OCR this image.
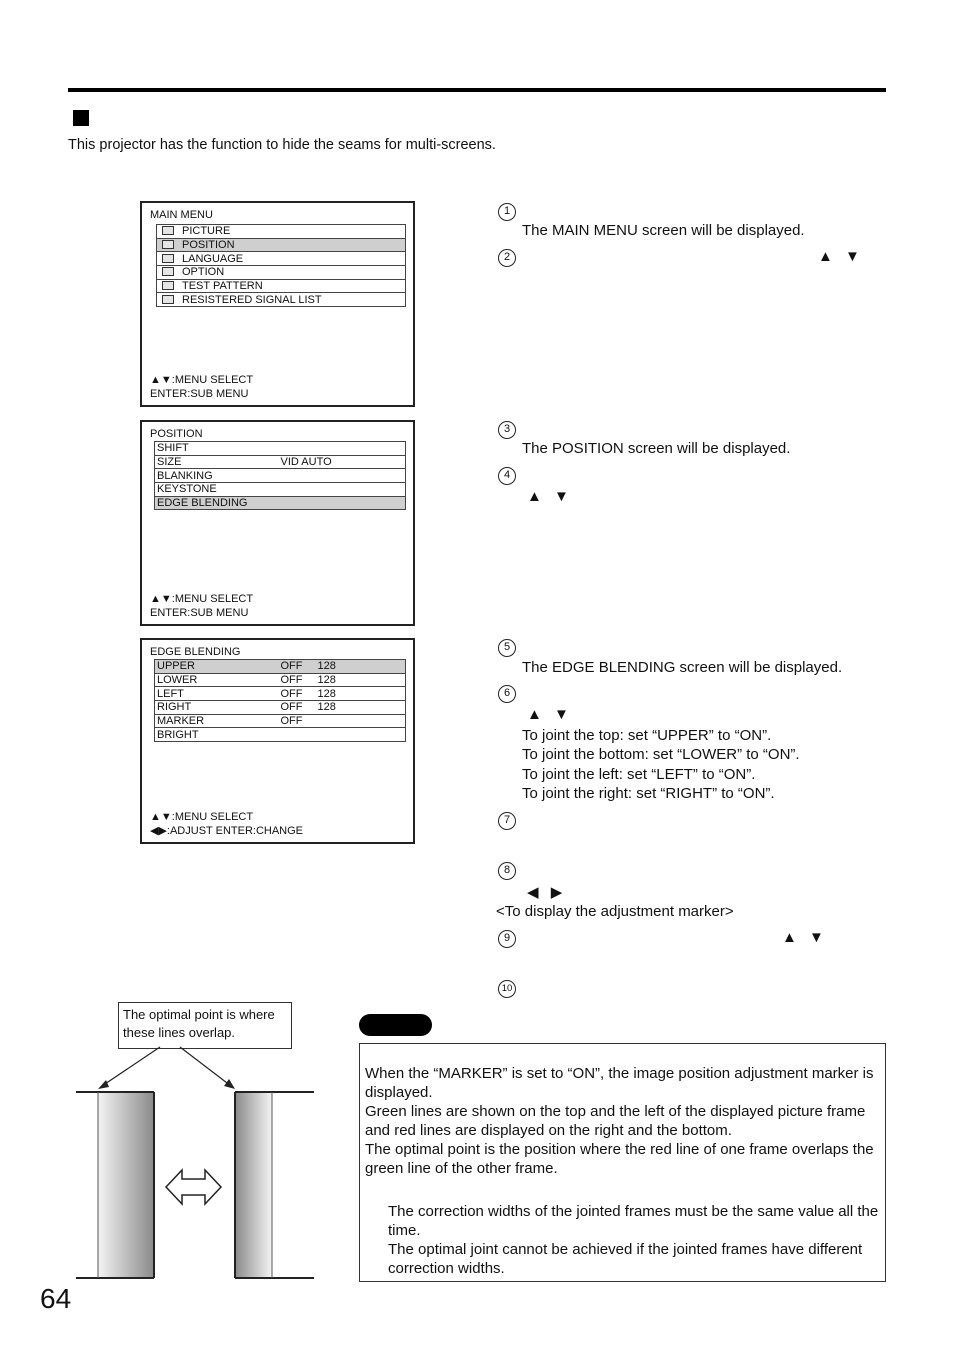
This projector has the function to hide the seams for multi-screens.
MAIN MENU
PICTURE
POSITION
LANGUAGE
OPTION
TEST PATTERN
RESISTERED SIGNAL LIST
▲▼:MENU SELECT
ENTER:SUB MENU
POSITION
SHIFT	
SIZE	VID AUTO
BLANKING	
KEYSTONE	
EDGE BLENDING	
▲▼:MENU SELECT
ENTER:SUB MENU
EDGE BLENDING
UPPER	OFF	128
LOWER	OFF	128
LEFT	OFF	128
RIGHT	OFF	128
MARKER	OFF	
BRIGHT		
▲▼:MENU SELECT
◀▶:ADJUST ENTER:CHANGE
1
The MAIN MENU screen will be displayed.
2	▲ ▼
3
The POSITION screen will be displayed.
4
▲ ▼
5
The EDGE BLENDING screen will be displayed.
6
▲ ▼
To joint the top: set “UPPER” to “ON”.
To joint the bottom: set “LOWER” to “ON”.
To joint the left: set “LEFT” to “ON”.
To joint the right: set “RIGHT” to “ON”.
7
8
◀ ▶
<To display the adjustment marker>
9	▲ ▼
10
The optimal point is where
these lines overlap.

When the “MARKER” is set to “ON”, the image position adjustment marker is displayed.

Green lines are shown on the top and the left of the displayed picture frame and red lines are displayed on the right and the bottom.

The optimal point is the position where the red line of one frame overlaps the green line of the other frame.

The correction widths of the jointed frames must be the same value all the time.

The optimal joint cannot be achieved if the jointed frames have different correction widths.

64
